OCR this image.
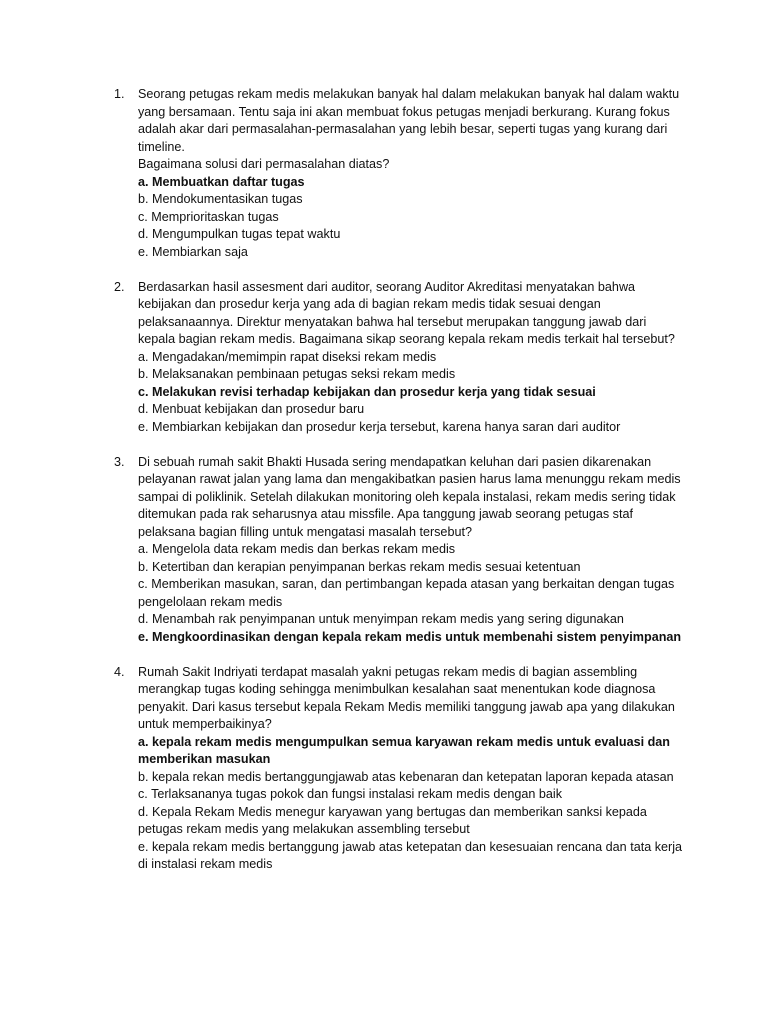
1. Seorang petugas rekam medis melakukan banyak hal dalam melakukan banyak hal dalam waktu yang bersamaan. Tentu saja ini akan membuat fokus petugas menjadi berkurang. Kurang fokus adalah akar dari permasalahan-permasalahan yang lebih besar, seperti tugas yang kurang dari timeline.
Bagaimana solusi dari permasalahan diatas?
a. Membuatkan daftar tugas
b. Mendokumentasikan tugas
c. Memprioritaskan tugas
d. Mengumpulkan tugas tepat waktu
e. Membiarkan saja
2. Berdasarkan hasil assesment dari auditor, seorang Auditor Akreditasi menyatakan bahwa kebijakan dan prosedur kerja yang ada di bagian rekam medis tidak sesuai dengan pelaksanaannya. Direktur menyatakan bahwa hal tersebut merupakan tanggung jawab dari kepala bagian rekam medis. Bagaimana sikap seorang kepala rekam medis terkait hal tersebut?
a. Mengadakan/memimpin rapat diseksi rekam medis
b. Melaksanakan pembinaan petugas seksi rekam medis
c. Melakukan revisi terhadap kebijakan dan prosedur kerja yang tidak sesuai
d. Menbuat kebijakan dan prosedur baru
e. Membiarkan kebijakan dan prosedur kerja tersebut, karena hanya saran dari auditor
3. Di sebuah rumah sakit Bhakti Husada sering mendapatkan keluhan dari pasien dikarenakan pelayanan rawat jalan yang lama dan mengakibatkan pasien harus lama menunggu rekam medis sampai di poliklinik. Setelah dilakukan monitoring oleh kepala instalasi, rekam medis sering tidak ditemukan pada rak seharusnya atau missfile. Apa tanggung jawab seorang petugas staf pelaksana bagian filling untuk mengatasi masalah tersebut?
a. Mengelola data rekam medis dan berkas rekam medis
b. Ketertiban dan kerapian penyimpanan berkas rekam medis sesuai ketentuan
c. Memberikan masukan, saran, dan pertimbangan kepada atasan yang berkaitan dengan tugas pengelolaan rekam medis
d. Menambah rak penyimpanan untuk menyimpan rekam medis yang sering digunakan
e. Mengkoordinasikan dengan kepala rekam medis untuk membenahi sistem penyimpanan
4. Rumah Sakit Indriyati terdapat masalah yakni petugas rekam medis di bagian assembling merangkap tugas koding sehingga menimbulkan kesalahan saat menentukan kode diagnosa penyakit. Dari kasus tersebut kepala Rekam Medis memiliki tanggung jawab apa yang dilakukan untuk memperbaikinya?
a. kepala rekam medis mengumpulkan semua karyawan rekam medis untuk evaluasi dan memberikan masukan
b. kepala rekan medis bertanggungjawab atas kebenaran dan ketepatan laporan kepada atasan
c. Terlaksananya tugas pokok dan fungsi instalasi rekam medis dengan baik
d. Kepala Rekam Medis menegur karyawan yang bertugas dan memberikan sanksi kepada petugas rekam medis yang melakukan assembling tersebut
e. kepala rekam medis bertanggung jawab atas ketepatan dan kesesuaian rencana dan tata kerja di instalasi rekam medis
